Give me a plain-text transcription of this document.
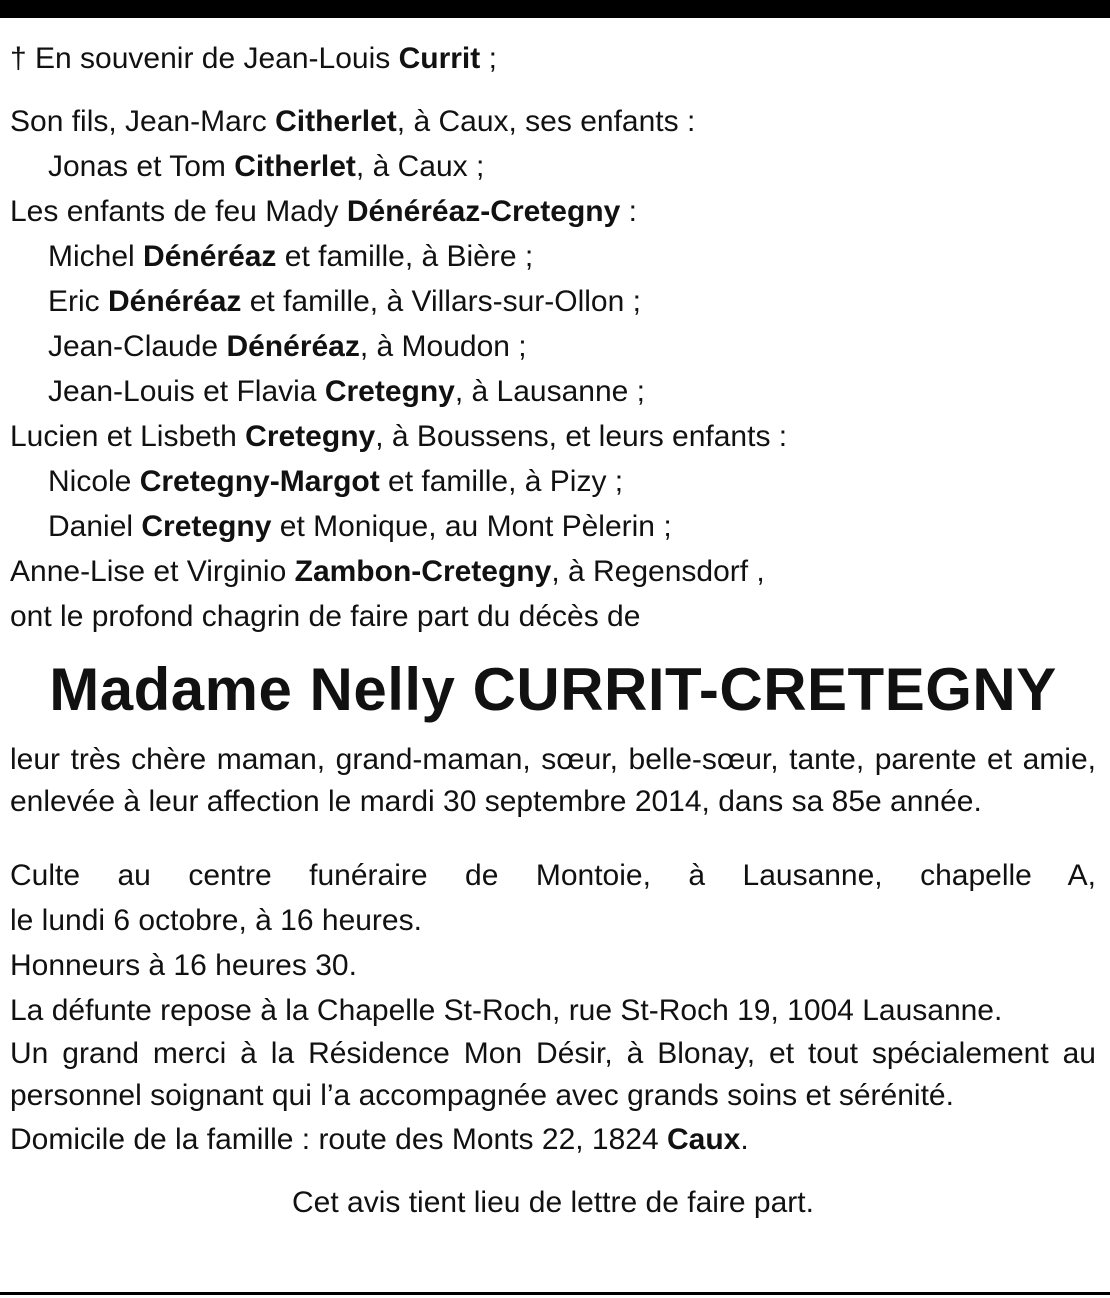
† En souvenir de Jean-Louis Currit ;
Son fils, Jean-Marc Citherlet, à Caux, ses enfants :
Jonas et Tom Citherlet, à Caux ;
Les enfants de feu Mady Dénéréaz-Cretegny :
Michel Dénéréaz et famille, à Bière ;
Eric Dénéréaz et famille, à Villars-sur-Ollon ;
Jean-Claude Dénéréaz, à Moudon ;
Jean-Louis et Flavia Cretegny, à Lausanne ;
Lucien et Lisbeth Cretegny, à Boussens, et leurs enfants :
Nicole Cretegny-Margot et famille, à Pizy ;
Daniel Cretegny et Monique, au Mont Pèlerin ;
Anne-Lise et Virginio Zambon-Cretegny, à Regensdorf ,
ont le profond chagrin de faire part du décès de
Madame Nelly CURRIT-CRETEGNY
leur très chère maman, grand-maman, sœur, belle-sœur, tante, parente et amie, enlevée à leur affection le mardi 30 septembre 2014, dans sa 85e année.
Culte au centre funéraire de Montoie, à Lausanne, chapelle A,
le lundi 6 octobre, à 16 heures.
Honneurs à 16 heures 30.
La défunte repose à la Chapelle St-Roch, rue St-Roch 19, 1004 Lausanne.
Un grand merci à la Résidence Mon Désir, à Blonay, et tout spécialement au personnel soignant qui l’a accompagnée avec grands soins et sérénité.
Domicile de la famille : route des Monts 22, 1824 Caux.
Cet avis tient lieu de lettre de faire part.
